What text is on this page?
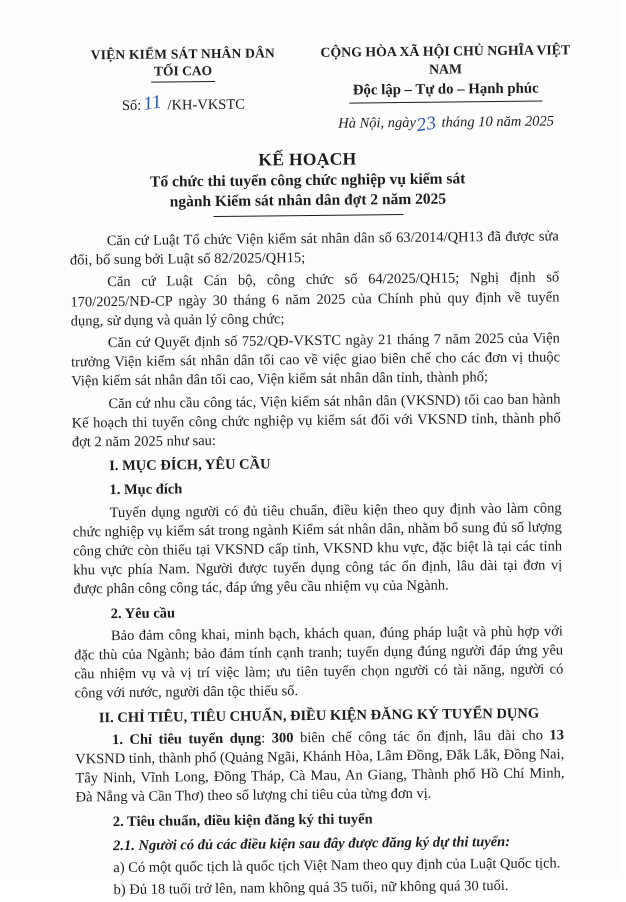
VIỆN KIỂM SÁT NHÂN DÂN
TỐI CAO
Số:11 /KH-VKSTC
CỘNG HÒA XÃ HỘI CHỦ NGHĨA VIỆT NAM
Độc lập – Tự do – Hạnh phúc
Hà Nội, ngày23 tháng 10 năm 2025
KẾ HOẠCH
Tổ chức thi tuyển công chức nghiệp vụ kiểm sát
ngành Kiểm sát nhân dân đợt 2 năm 2025

Căn cứ Luật Tổ chức Viện kiểm sát nhân dân số 63/2014/QH13 đã được sửa đổi, bổ sung bởi Luật số 82/2025/QH15;

Căn cứ Luật Cán bộ, công chức số 64/2025/QH15; Nghị định số 170/2025/NĐ-CP ngày 30 tháng 6 năm 2025 của Chính phủ quy định về tuyển dụng, sử dụng và quản lý công chức;

Căn cứ Quyết định số 752/QĐ-VKSTC ngày 21 tháng 7 năm 2025 của Viện trưởng Viện kiểm sát nhân dân tối cao về việc giao biên chế cho các đơn vị thuộc Viện kiểm sát nhân dân tối cao, Viện kiểm sát nhân dân tỉnh, thành phố;

Căn cứ nhu cầu công tác, Viện kiểm sát nhân dân (VKSND) tối cao ban hành Kế hoạch thi tuyển công chức nghiệp vụ kiểm sát đối với VKSND tỉnh, thành phố đợt 2 năm 2025 như sau:

I. MỤC ĐÍCH, YÊU CẦU

1. Mục đích

Tuyển dụng người có đủ tiêu chuẩn, điều kiện theo quy định vào làm công chức nghiệp vụ kiểm sát trong ngành Kiểm sát nhân dân, nhằm bổ sung đủ số lượng công chức còn thiếu tại VKSND cấp tỉnh, VKSND khu vực, đặc biệt là tại các tỉnh khu vực phía Nam. Người được tuyển dụng công tác ổn định, lâu dài tại đơn vị được phân công công tác, đáp ứng yêu cầu nhiệm vụ của Ngành.

2. Yêu cầu

Bảo đảm công khai, minh bạch, khách quan, đúng pháp luật và phù hợp với đặc thù của Ngành; bảo đảm tính cạnh tranh; tuyển dụng đúng người đáp ứng yêu cầu nhiệm vụ và vị trí việc làm; ưu tiên tuyển chọn người có tài năng, người có công với nước, người dân tộc thiểu số.

II. CHỈ TIÊU, TIÊU CHUẨN, ĐIỀU KIỆN ĐĂNG KÝ TUYỂN DỤNG

1. Chỉ tiêu tuyển dụng: 300 biên chế công tác ổn định, lâu dài cho 13 VKSND tỉnh, thành phố (Quảng Ngãi, Khánh Hòa, Lâm Đồng, Đắk Lắk, Đồng Nai, Tây Ninh, Vĩnh Long, Đồng Tháp, Cà Mau, An Giang, Thành phố Hồ Chí Minh, Đà Nẵng và Cần Thơ) theo số lượng chỉ tiêu của từng đơn vị.

2. Tiêu chuẩn, điều kiện đăng ký thi tuyển

2.1. Người có đủ các điều kiện sau đây được đăng ký dự thi tuyển:

a) Có một quốc tịch là quốc tịch Việt Nam theo quy định của Luật Quốc tịch.

b) Đủ 18 tuổi trở lên, nam không quá 35 tuổi, nữ không quá 30 tuổi.
